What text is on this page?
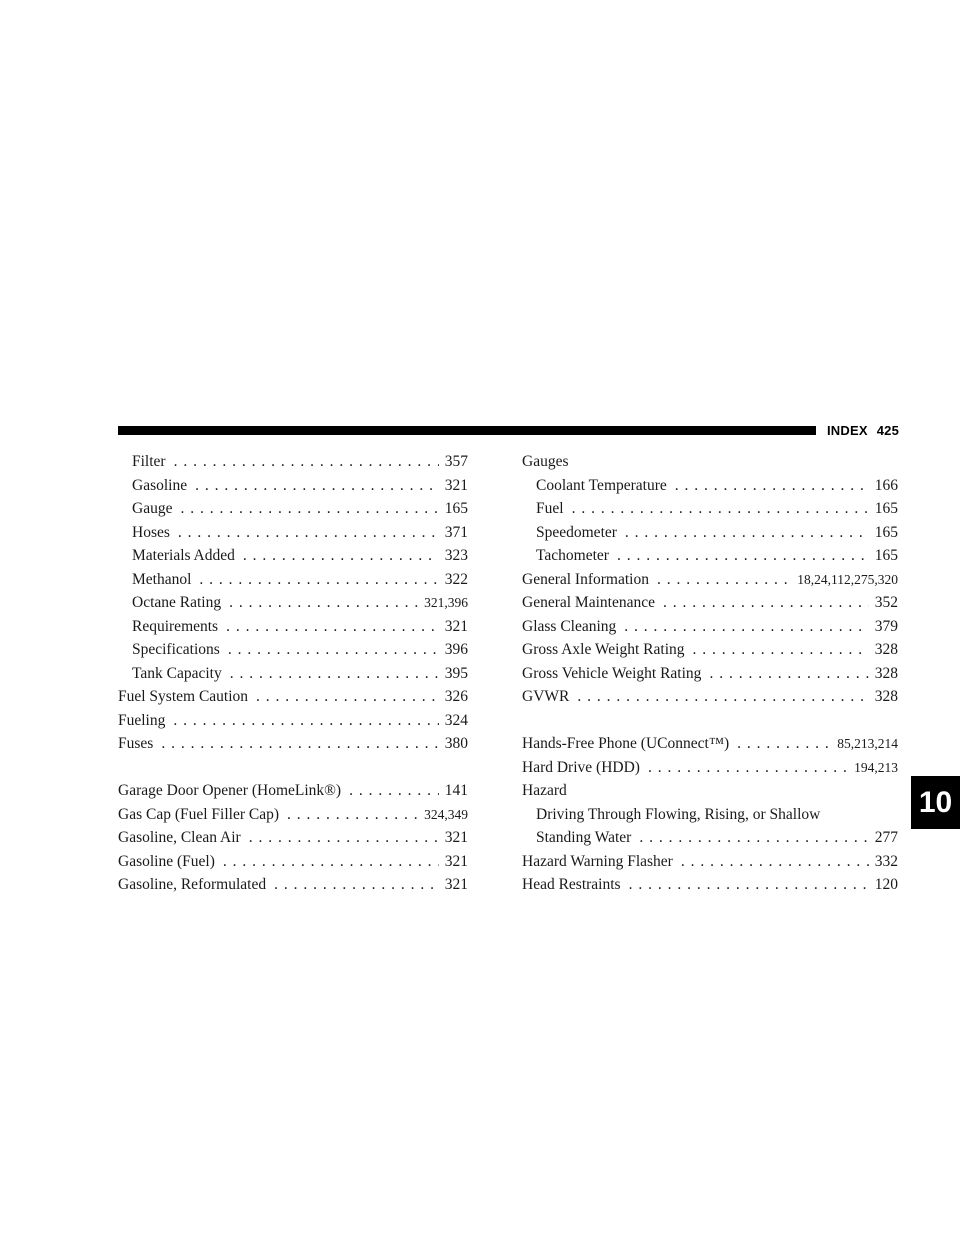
INDEX 425
Filter . . .	357
Gasoline . . .	321
Gauge . . .	165
Hoses . . .	371
Materials Added . . .	323
Methanol . . .	322
Octane Rating . . .	321,396
Requirements . . .	321
Specifications . . .	396
Tank Capacity . . .	395
Fuel System Caution . . .	326
Fueling . . .	324
Fuses . . .	380
Garage Door Opener (HomeLink®) . . .	141
Gas Cap (Fuel Filler Cap) . . .	324,349
Gasoline, Clean Air . . .	321
Gasoline (Fuel) . . .	321
Gasoline, Reformulated . . .	321
Gauges
Coolant Temperature . . .	166
Fuel . . .	165
Speedometer . . .	165
Tachometer . . .	165
General Information . . .	18,24,112,275,320
General Maintenance . . .	352
Glass Cleaning . . .	379
Gross Axle Weight Rating . . .	328
Gross Vehicle Weight Rating . . .	328
GVWR . . .	328
Hands-Free Phone (UConnect™) . . .	85,213,214
Hard Drive (HDD) . . .	194,213
Hazard
Driving Through Flowing, Rising, or Shallow
Standing Water . . .	277
Hazard Warning Flasher . . .	332
Head Restraints . . .	120
10
